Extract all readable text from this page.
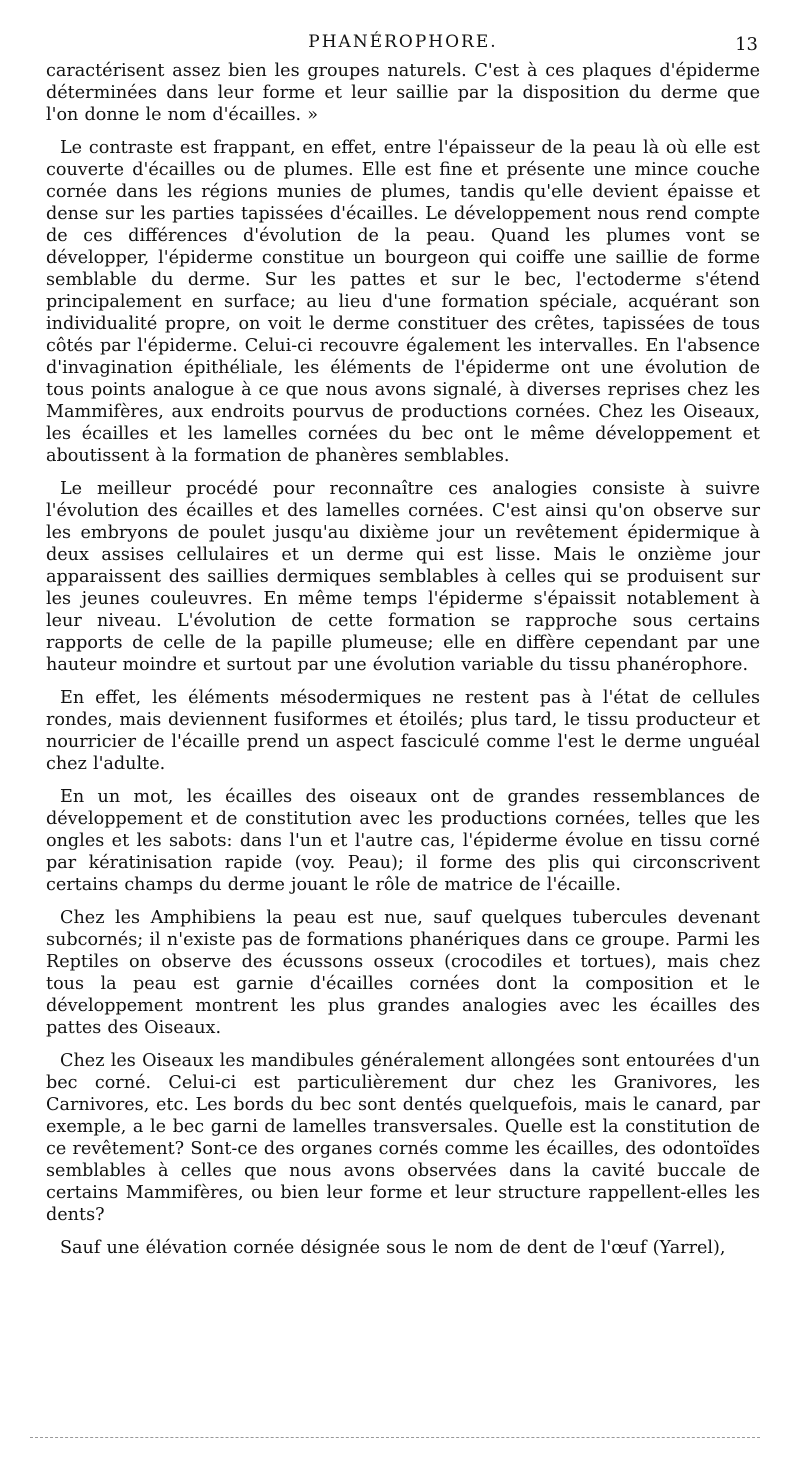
PHANÉROPHORE.	13

caractérisent assez bien les groupes naturels. C'est à ces plaques d'épiderme déterminées dans leur forme et leur saillie par la disposition du derme que l'on donne le nom d'écailles. »

Le contraste est frappant, en effet, entre l'épaisseur de la peau là où elle est couverte d'écailles ou de plumes. Elle est fine et présente une mince couche cornée dans les régions munies de plumes, tandis qu'elle devient épaisse et dense sur les parties tapissées d'écailles. Le développement nous rend compte de ces différences d'évolution de la peau. Quand les plumes vont se développer, l'épiderme constitue un bourgeon qui coiffe une saillie de forme semblable du derme. Sur les pattes et sur le bec, l'ectoderme s'étend principalement en surface; au lieu d'une formation spéciale, acquérant son individualité propre, on voit le derme constituer des crêtes, tapissées de tous côtés par l'épiderme. Celui-ci recouvre également les intervalles. En l'absence d'invagination épithéliale, les éléments de l'épiderme ont une évolution de tous points analogue à ce que nous avons signalé, à diverses reprises chez les Mammifères, aux endroits pourvus de productions cornées. Chez les Oiseaux, les écailles et les lamelles cornées du bec ont le même développement et aboutissent à la formation de phanères semblables.

Le meilleur procédé pour reconnaître ces analogies consiste à suivre l'évolution des écailles et des lamelles cornées. C'est ainsi qu'on observe sur les embryons de poulet jusqu'au dixième jour un revêtement épidermique à deux assises cellulaires et un derme qui est lisse. Mais le onzième jour apparaissent des saillies dermiques semblables à celles qui se produisent sur les jeunes couleuvres. En même temps l'épiderme s'épaissit notablement à leur niveau. L'évolution de cette formation se rapproche sous certains rapports de celle de la papille plumeuse; elle en diffère cependant par une hauteur moindre et surtout par une évolution variable du tissu phanérophore.

En effet, les éléments mésodermiques ne restent pas à l'état de cellules rondes, mais deviennent fusiformes et étoilés; plus tard, le tissu producteur et nourricier de l'écaille prend un aspect fasciculé comme l'est le derme unguéal chez l'adulte.

En un mot, les écailles des oiseaux ont de grandes ressemblances de développement et de constitution avec les productions cornées, telles que les ongles et les sabots: dans l'un et l'autre cas, l'épiderme évolue en tissu corné par kératinisation rapide (voy. Peau); il forme des plis qui circonscrivent certains champs du derme jouant le rôle de matrice de l'écaille.

Chez les Amphibiens la peau est nue, sauf quelques tubercules devenant subcornés; il n'existe pas de formations phanériques dans ce groupe. Parmi les Reptiles on observe des écussons osseux (crocodiles et tortues), mais chez tous la peau est garnie d'écailles cornées dont la composition et le développement montrent les plus grandes analogies avec les écailles des pattes des Oiseaux.

Chez les Oiseaux les mandibules généralement allongées sont entourées d'un bec corné. Celui-ci est particulièrement dur chez les Granivores, les Carnivores, etc. Les bords du bec sont dentés quelquefois, mais le canard, par exemple, a le bec garni de lamelles transversales. Quelle est la constitution de ce revêtement? Sont-ce des organes cornés comme les écailles, des odontoïdes semblables à celles que nous avons observées dans la cavité buccale de certains Mammifères, ou bien leur forme et leur structure rappellent-elles les dents?

Sauf une élévation cornée désignée sous le nom de dent de l'œuf (Yarrel),
